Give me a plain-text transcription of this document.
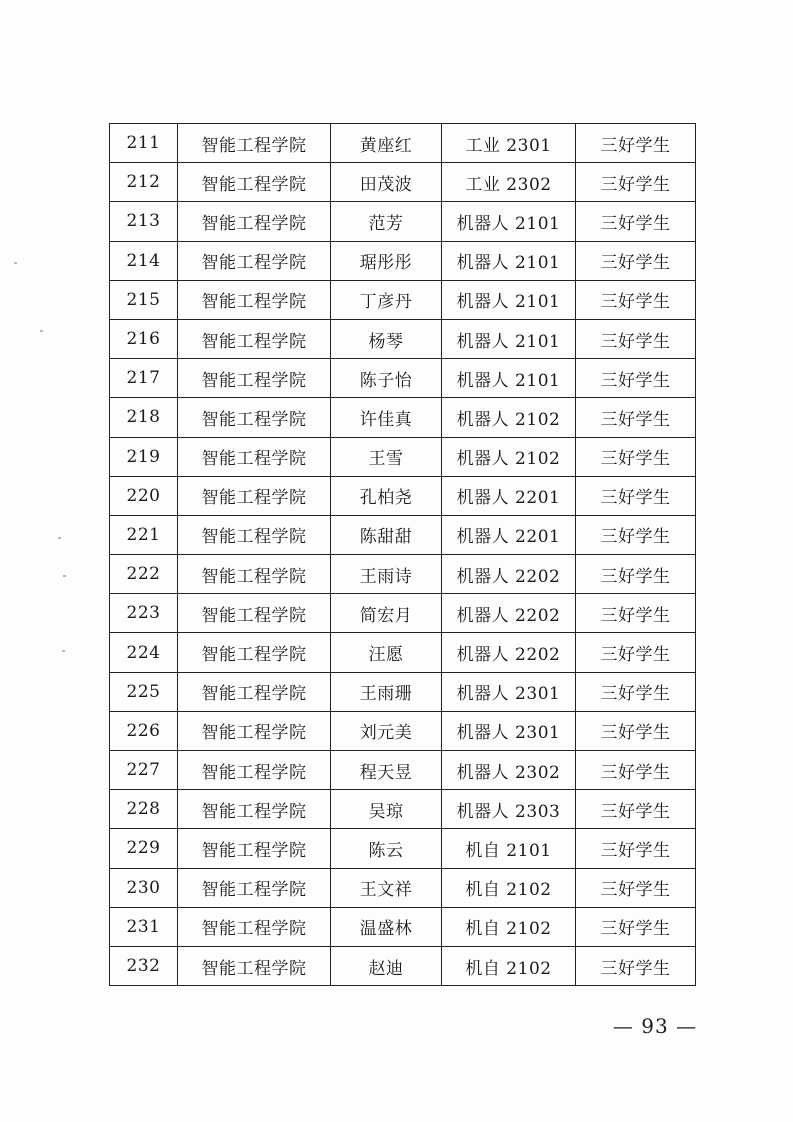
211	智能工程学院	黄座红	工业 2301	三好学生
212	智能工程学院	田茂波	工业 2302	三好学生
213	智能工程学院	范芳	机器人 2101	三好学生
214	智能工程学院	琚彤彤	机器人 2101	三好学生
215	智能工程学院	丁彦丹	机器人 2101	三好学生
216	智能工程学院	杨琴	机器人 2101	三好学生
217	智能工程学院	陈子怡	机器人 2101	三好学生
218	智能工程学院	许佳真	机器人 2102	三好学生
219	智能工程学院	王雪	机器人 2102	三好学生
220	智能工程学院	孔柏尧	机器人 2201	三好学生
221	智能工程学院	陈甜甜	机器人 2201	三好学生
222	智能工程学院	王雨诗	机器人 2202	三好学生
223	智能工程学院	简宏月	机器人 2202	三好学生
224	智能工程学院	汪愿	机器人 2202	三好学生
225	智能工程学院	王雨珊	机器人 2301	三好学生
226	智能工程学院	刘元美	机器人 2301	三好学生
227	智能工程学院	程天昱	机器人 2302	三好学生
228	智能工程学院	吴琼	机器人 2303	三好学生
229	智能工程学院	陈云	机自 2101	三好学生
230	智能工程学院	王文祥	机自 2102	三好学生
231	智能工程学院	温盛林	机自 2102	三好学生
232	智能工程学院	赵迪	机自 2102	三好学生
— 93 —
